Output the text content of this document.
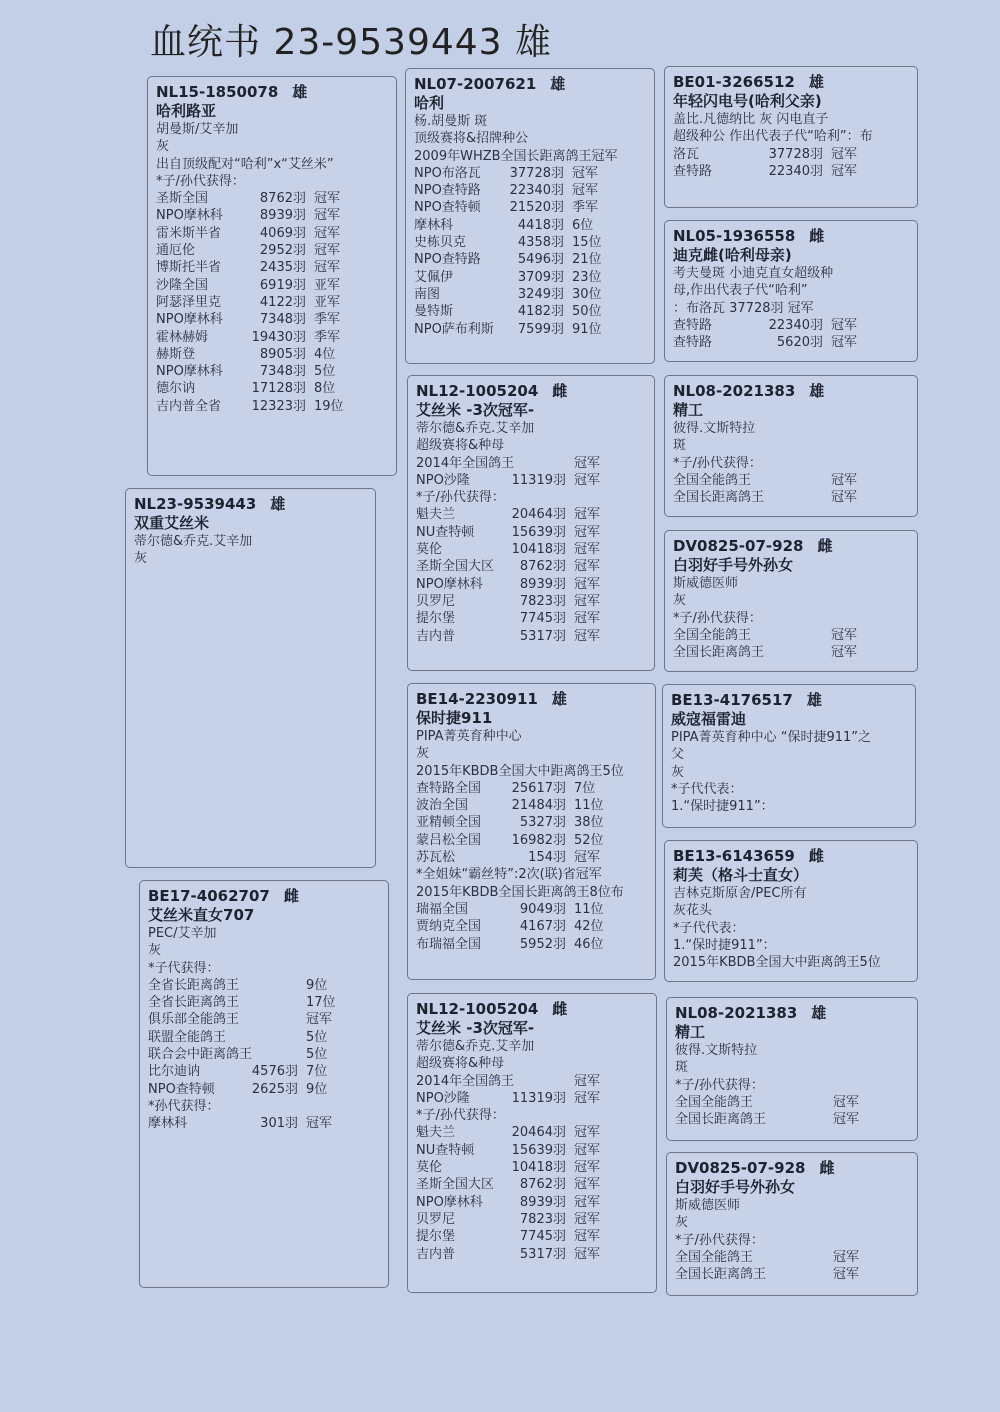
血统书 23-9539443 雄
NL15-1850078 雄
哈利路亚
胡曼斯/艾辛加
灰
出自顶级配对“哈利”x“艾丝米”
*子/孙代获得：
圣斯全国	8762羽 冠军
NPO摩林科	8939羽 冠军
雷米斯半省	4069羽 冠军
通厄伦	2952羽 冠军
博斯托半省	2435羽 冠军
沙隆全国	6919羽 亚军
阿瑟泽里克	4122羽 亚军
NPO摩林科	7348羽 季军
霍林赫姆	19430羽 季军
赫斯登	8905羽 4位
NPO摩林科	7348羽 5位
德尔讷	17128羽 8位
吉内普全省	12323羽 19位
NL23-9539443 雄
双重艾丝米
蒂尔德&乔克.艾辛加
灰
BE17-4062707 雌
艾丝米直女707
PEC/艾辛加
灰
*子代获得：
全省长距离鸽王	9位
全省长距离鸽王	17位
俱乐部全能鸽王	冠军
联盟全能鸽王	5位
联合会中距离鸽王	5位
比尔迪讷	4576羽 7位
NPO查特顿	2625羽 9位
*孙代获得：
摩林科	301羽 冠军
NL07-2007621 雄
哈利
杨.胡曼斯 斑
顶级赛将&招牌种公
2009年WHZB全国长距离鸽王冠军
NPO布洛瓦	37728羽 冠军
NPO查特路	22340羽 冠军
NPO查特顿	21520羽 季军
摩林科	4418羽 6位
史栋贝克	4358羽 15位
NPO查特路	5496羽 21位
艾佩伊	3709羽 23位
南图	3249羽 30位
曼特斯	4182羽 50位
NPO萨布利斯	7599羽 91位
NL12-1005204 雌
艾丝米 -3次冠军-
蒂尔德&乔克.艾辛加
超级赛将&种母
2014年全国鸽王	冠军
NPO沙隆	11319羽 冠军
*子/孙代获得：
魁夫兰	20464羽 冠军
NU查特顿	15639羽 冠军
莫伦	10418羽 冠军
圣斯全国大区	8762羽 冠军
NPO摩林科	8939羽 冠军
贝罗尼	7823羽 冠军
提尔堡	7745羽 冠军
吉内普	5317羽 冠军
BE14-2230911 雄
保时捷911
PIPA菁英育种中心
灰
2015年KBDB全国大中距离鸽王5位
查特路全国	25617羽 7位
波治全国	21484羽 11位
亚精顿全国	5327羽 38位
蒙吕松全国	16982羽 52位
苏瓦松	154羽 冠军
*全姐妹“霸丝特”:2次(联)省冠军
2015年KBDB全国长距离鸽王8位布
瑞福全国	9049羽 11位
贾纳克全国	4167羽 42位
布瑞福全国	5952羽 46位
NL12-1005204 雌
艾丝米 -3次冠军-
蒂尔德&乔克.艾辛加
超级赛将&种母
2014年全国鸽王	冠军
NPO沙隆	11319羽 冠军
*子/孙代获得：
魁夫兰	20464羽 冠军
NU查特顿	15639羽 冠军
莫伦	10418羽 冠军
圣斯全国大区	8762羽 冠军
NPO摩林科	8939羽 冠军
贝罗尼	7823羽 冠军
提尔堡	7745羽 冠军
吉内普	5317羽 冠军
BE01-3266512 雄
年轻闪电号(哈利父亲)
盖比.凡德纳比 灰 闪电直子
超级种公 作出代表子代“哈利”：布
洛瓦	37728羽 冠军
查特路	22340羽 冠军
NL05-1936558 雌
迪克雌(哈利母亲)
考夫曼斑 小迪克直女超级种
母,作出代表子代“哈利”
：布洛瓦 37728羽 冠军
查特路	22340羽 冠军
查特路	5620羽 冠军
NL08-2021383 雄
精工
彼得.文斯特拉
斑
*子/孙代获得：
全国全能鸽王	冠军
全国长距离鸽王	冠军
DV0825-07-928 雌
白羽好手号外孙女
斯威德医师
灰
*子/孙代获得：
全国全能鸽王	冠军
全国长距离鸽王	冠军
BE13-4176517 雄
威寇福雷迪
PIPA菁英育种中心 “保时捷911”之
父
灰
*子代代表：
1.“保时捷911”：
BE13-6143659 雌
莉芙（格斗士直女）
吉林克斯原舍/PEC所有
灰花头
*子代代表：
1.“保时捷911”：
2015年KBDB全国大中距离鸽王5位
NL08-2021383 雄
精工
彼得.文斯特拉
斑
*子/孙代获得：
全国全能鸽王	冠军
全国长距离鸽王	冠军
DV0825-07-928 雌
白羽好手号外孙女
斯威德医师
灰
*子/孙代获得：
全国全能鸽王	冠军
全国长距离鸽王	冠军
